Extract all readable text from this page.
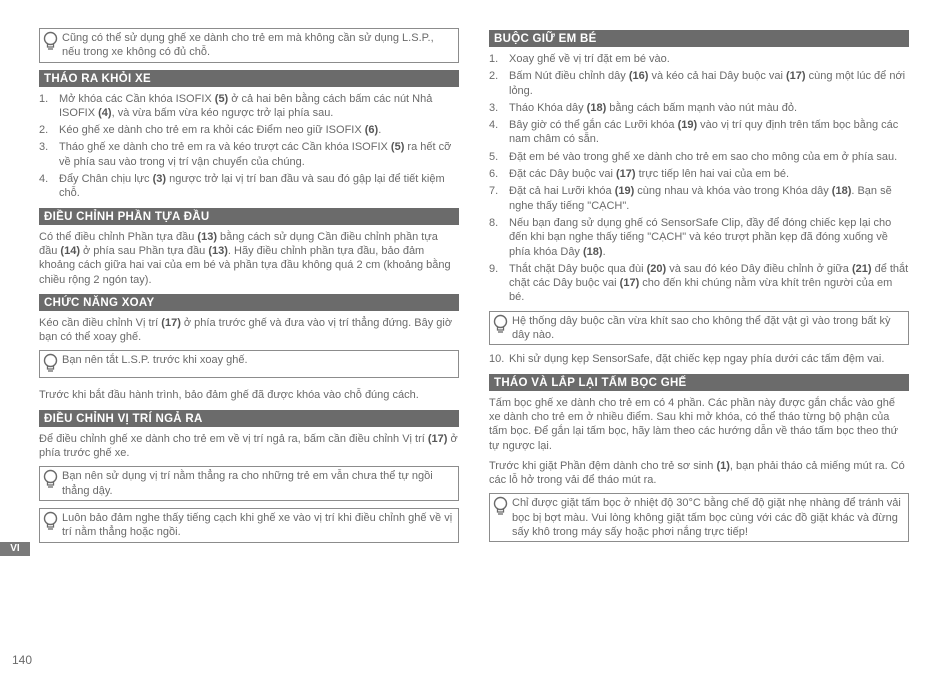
Cũng có thể sử dụng ghế xe dành cho trẻ em mà không cần sử dụng L.S.P., nếu trong xe không có đủ chỗ.
THÁO RA KHỎI XE
1. Mở khóa các Cần khóa ISOFIX (5) ở cả hai bên bằng cách bấm các nút Nhả ISOFIX (4), và vừa bấm vừa kéo ngược trở lại phía sau.
2. Kéo ghế xe dành cho trẻ em ra khỏi các Điểm neo giữ ISOFIX (6).
3. Tháo ghế xe dành cho trẻ em ra và kéo trượt các Cần khóa ISOFIX (5) ra hết cỡ về phía sau vào trong vị trí vận chuyển của chúng.
4. Đẩy Chân chịu lực (3) ngược trở lại vị trí ban đầu và sau đó gập lại để tiết kiệm chỗ.
ĐIỀU CHỈNH PHẦN TỰA ĐẦU

Có thể điều chỉnh Phần tựa đầu (13) bằng cách sử dụng Cần điều chỉnh phần tựa đầu (14) ở phía sau Phần tựa đầu (13). Hãy điều chỉnh phần tựa đầu, bảo đảm khoảng cách giữa hai vai của em bé và phần tựa đầu không quá 2 cm (khoảng bằng chiều rộng 2 ngón tay).

CHỨC NĂNG XOAY

Kéo cần điều chỉnh Vị trí (17) ở phía trước ghế và đưa vào vị trí thẳng đứng. Bây giờ bạn có thể xoay ghế.

Bạn nên tắt L.S.P. trước khi xoay ghế.

Trước khi bắt đầu hành trình, bảo đảm ghế đã được khóa vào chỗ đúng cách.

ĐIỀU CHỈNH VỊ TRÍ NGẢ RA

Để điều chỉnh ghế xe dành cho trẻ em về vị trí ngả ra, bấm cần điều chỉnh Vị trí (17) ở phía trước ghế xe.

Bạn nên sử dụng vị trí nằm thẳng ra cho những trẻ em vẫn chưa thể tự ngồi thẳng dậy.
Luôn bảo đảm nghe thấy tiếng cạch khi ghế xe vào vị trí khi điều chỉnh ghế về vị trí nằm thẳng hoặc ngồi.
BUỘC GIỮ EM BÉ
1. Xoay ghế về vị trí đặt em bé vào.
2. Bấm Nút điều chỉnh dây (16) và kéo cả hai Dây buộc vai (17) cùng một lúc để nới lỏng.
3. Tháo Khóa dây (18) bằng cách bấm mạnh vào nút màu đỏ.
4. Bây giờ có thể gắn các Lưỡi khóa (19) vào vị trí quy định trên tấm bọc bằng các nam châm có sẵn.
5. Đặt em bé vào trong ghế xe dành cho trẻ em sao cho mông của em ở phía sau.
6. Đặt các Dây buộc vai (17) trực tiếp lên hai vai của em bé.
7. Đặt cả hai Lưỡi khóa (19) cùng nhau và khóa vào trong Khóa dây (18). Bạn sẽ nghe thấy tiếng "CẠCH".
8. Nếu bạn đang sử dụng ghế có SensorSafe Clip, đầy để đóng chiếc kẹp lại cho đến khi bạn nghe thấy tiếng "CẠCH" và kéo trượt phần kẹp đã đóng xuống về phía khóa Dây (18).
9. Thắt chặt Dây buộc qua đùi (20) và sau đó kéo Dây điều chỉnh ở giữa (21) để thắt chặt các Dây buộc vai (17) cho đến khi chúng nằm vừa khít trên người của em bé.
Hệ thống dây buộc cần vừa khít sao cho không thể đặt vật gì vào trong bất kỳ dây nào.
10. Khi sử dụng kẹp SensorSafe, đặt chiếc kẹp ngay phía dưới các tấm đệm vai.
THÁO VÀ LẮP LẠI TẤM BỌC GHẾ

Tấm bọc ghế xe dành cho trẻ em có 4 phần. Các phần này được gắn chắc vào ghế xe dành cho trẻ em ở nhiều điểm. Sau khi mở khóa, có thể tháo từng bộ phận của tấm bọc. Để gắn lại tấm bọc, hãy làm theo các hướng dẫn về tháo tấm bọc theo thứ tự ngược lại.

Trước khi giặt Phần đệm dành cho trẻ sơ sinh (1), bạn phải tháo cả miếng mút ra. Có các lỗ hở trong vải để tháo mút ra.

Chỉ được giặt tấm bọc ở nhiệt độ 30°C bằng chế độ giặt nhẹ nhàng để tránh vải bọc bị bợt màu. Vui lòng không giặt tấm bọc cùng với các đồ giặt khác và đừng sấy khô trong máy sấy hoặc phơi nắng trực tiếp!
VI
140
